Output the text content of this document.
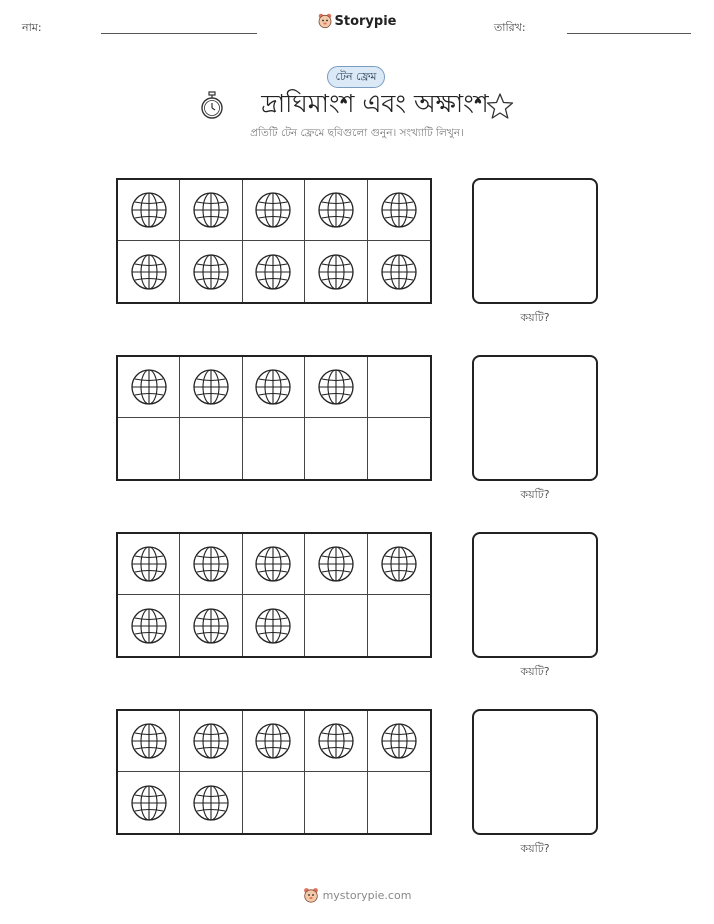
নাম:	Storypie	তারিখ:
টেন ফ্রেম
দ্রাঘিমাংশ এবং অক্ষাংশ
প্রতিটি টেন ফ্রেমে ছবিগুলো গুনুন। সংখ্যাটি লিখুন।
কয়টি?
কয়টি?
কয়টি?
কয়টি?
mystorypie.com
